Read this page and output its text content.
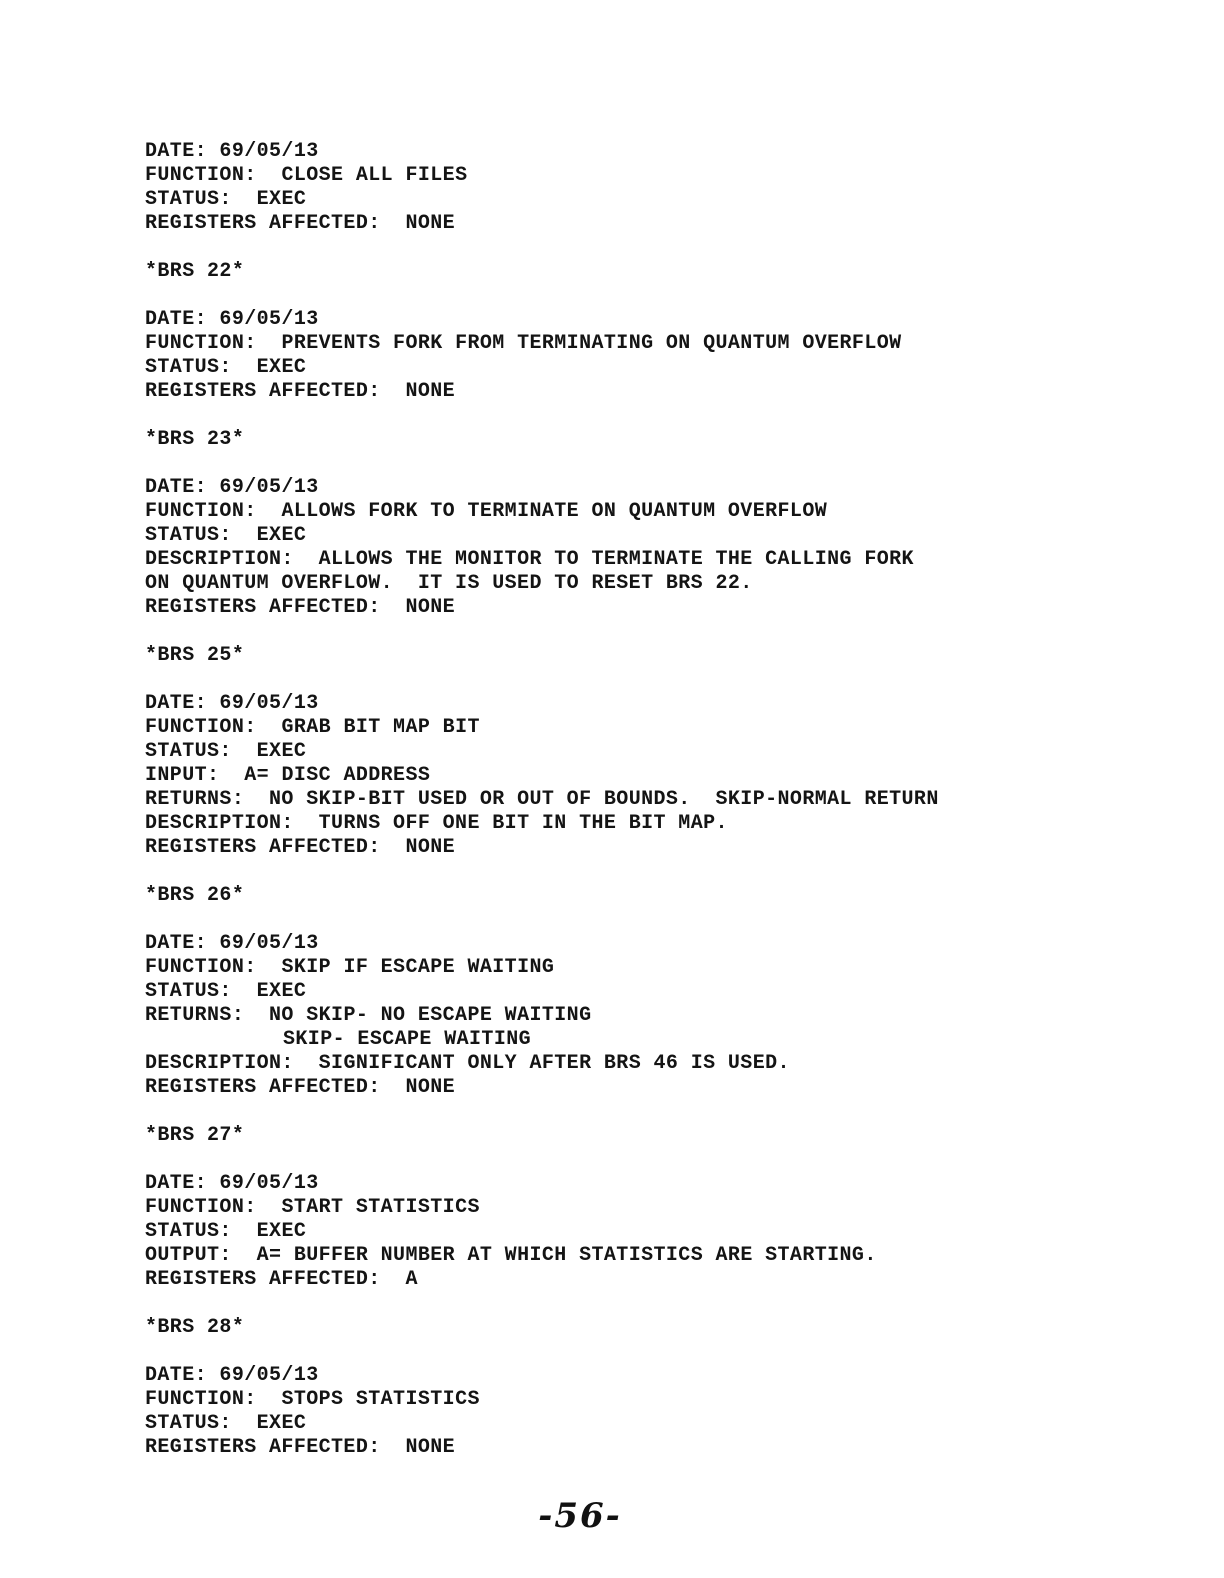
DATE: 69/05/13
FUNCTION: CLOSE ALL FILES
STATUS: EXEC
REGISTERS AFFECTED: NONE
*BRS 22*
DATE: 69/05/13
FUNCTION: PREVENTS FORK FROM TERMINATING ON QUANTUM OVERFLOW
STATUS: EXEC
REGISTERS AFFECTED: NONE
*BRS 23*
DATE: 69/05/13
FUNCTION: ALLOWS FORK TO TERMINATE ON QUANTUM OVERFLOW
STATUS: EXEC
DESCRIPTION: ALLOWS THE MONITOR TO TERMINATE THE CALLING FORK
ON QUANTUM OVERFLOW.  IT IS USED TO RESET BRS 22.
REGISTERS AFFECTED: NONE
*BRS 25*
DATE: 69/05/13
FUNCTION: GRAB BIT MAP BIT
STATUS: EXEC
INPUT: A= DISC ADDRESS
RETURNS: NO SKIP-BIT USED OR OUT OF BOUNDS.  SKIP-NORMAL RETURN
DESCRIPTION: TURNS OFF ONE BIT IN THE BIT MAP.
REGISTERS AFFECTED: NONE
*BRS 26*
DATE: 69/05/13
FUNCTION: SKIP IF ESCAPE WAITING
STATUS: EXEC
RETURNS: NO SKIP- NO ESCAPE WAITING
SKIP- ESCAPE WAITING
DESCRIPTION: SIGNIFICANT ONLY AFTER BRS 46 IS USED.
REGISTERS AFFECTED: NONE
*BRS 27*
DATE: 69/05/13
FUNCTION: START STATISTICS
STATUS: EXEC
OUTPUT: A= BUFFER NUMBER AT WHICH STATISTICS ARE STARTING.
REGISTERS AFFECTED: A
*BRS 28*
DATE: 69/05/13
FUNCTION: STOPS STATISTICS
STATUS: EXEC
REGISTERS AFFECTED: NONE
-56-
